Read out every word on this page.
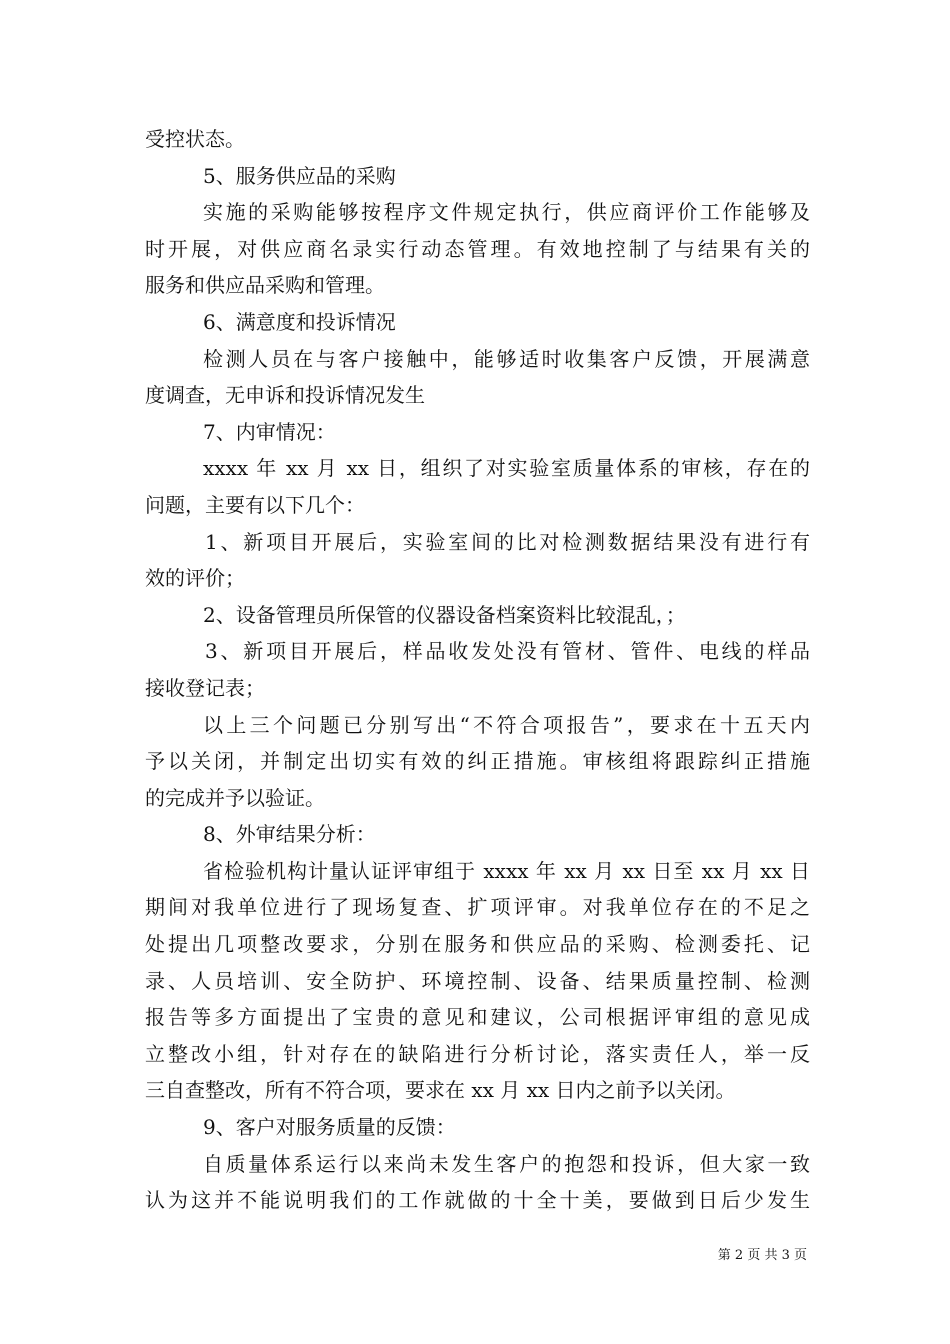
受控状态。
5、服务供应品的采购
实施的采购能够按程序文件规定执行，供应商评价工作能够及
时开展，对供应商名录实行动态管理。有效地控制了与结果有关的
服务和供应品采购和管理。
6、满意度和投诉情况
检测人员在与客户接触中，能够适时收集客户反馈，开展满意
度调查，无申诉和投诉情况发生
7、内审情况：
xxxx 年 xx 月 xx 日，组织了对实验室质量体系的审核，存在的
问题，主要有以下几个：
1、新项目开展后，实验室间的比对检测数据结果没有进行有
效的评价；
2、设备管理员所保管的仪器设备档案资料比较混乱，；
3、新项目开展后，样品收发处没有管材、管件、电线的样品
接收登记表；
以上三个问题已分别写出“不符合项报告”，要求在十五天内
予以关闭，并制定出切实有效的纠正措施。审核组将跟踪纠正措施
的完成并予以验证。
8、外审结果分析：
省检验机构计量认证评审组于 xxxx 年 xx 月 xx 日至 xx 月 xx 日
期间对我单位进行了现场复查、扩项评审。对我单位存在的不足之
处提出几项整改要求，分别在服务和供应品的采购、检测委托、记
录、人员培训、安全防护、环境控制、设备、结果质量控制、检测
报告等多方面提出了宝贵的意见和建议，公司根据评审组的意见成
立整改小组，针对存在的缺陷进行分析讨论，落实责任人，举一反
三自查整改，所有不符合项，要求在 xx 月 xx 日内之前予以关闭。
9、客户对服务质量的反馈：
自质量体系运行以来尚未发生客户的抱怨和投诉，但大家一致
认为这并不能说明我们的工作就做的十全十美，要做到日后少发生
第 2 页 共 3 页
